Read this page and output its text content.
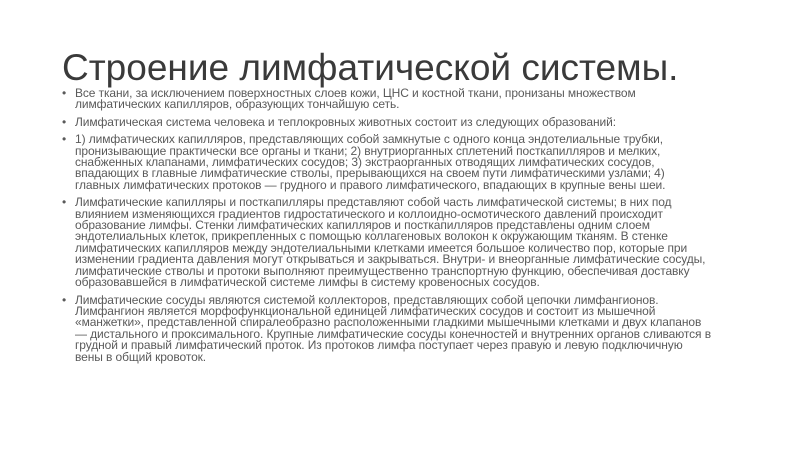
Строение лимфатической системы.
• Все ткани, за исключением поверхностных слоев кожи, ЦНС и костной ткани, пронизаны множеством лимфатических капилляров, образующих тончайшую сеть.
• Лимфатическая система человека и теплокровных животных состоит из следующих образований:
• 1) лимфатических капилляров, представляющих собой замкнутые с одного конца эндотелиальные трубки, пронизывающие практически все органы и ткани; 2) внутриорганных сплетений посткапилляров и мелких, снабженных клапанами, лимфатических сосудов; 3) экстраорганных отводящих лимфатических сосудов, впадающих в главные лимфатические стволы, прерывающихся на своем пути лимфатическими узлами; 4) главных лимфатических протоков — грудного и правого лимфатического, впадающих в крупные вены шеи.
• Лимфатические капилляры и посткапилляры представляют собой часть лимфатической системы; в них под влиянием изменяющихся градиентов гидростатического и коллоидно-осмотического давлений происходит образование лимфы. Стенки лимфатических капилляров и посткапилляров представлены одним слоем эндотелиальных клеток, прикрепленных с помощью коллагеновых волокон к окружающим тканям. В стенке лимфатических капилляров между эндотелиальными клетками имеется большое количество пор, которые при изменении градиента давления могут открываться и закрываться. Внутри- и внеорганные лимфатические сосуды, лимфатические стволы и протоки выполняют преимущественно транспортную функцию, обеспечивая доставку образовавшейся в лимфатической системе лимфы в систему кровеносных сосудов.
• Лимфатические сосуды являются системой коллекторов, представляющих собой цепочки лимфангионов. Лимфангион является морфофункциональной единицей лимфатических сосудов и состоит из мышечной «манжетки», представленной спиралеобразно расположенными гладкими мышечными клетками и двух клапанов — дистального и проксимального. Крупные лимфатические сосуды конечностей и внутренних органов сливаются в грудной и правый лимфатический проток. Из протоков лимфа поступает через правую и левую подключичную вены в общий кровоток.
